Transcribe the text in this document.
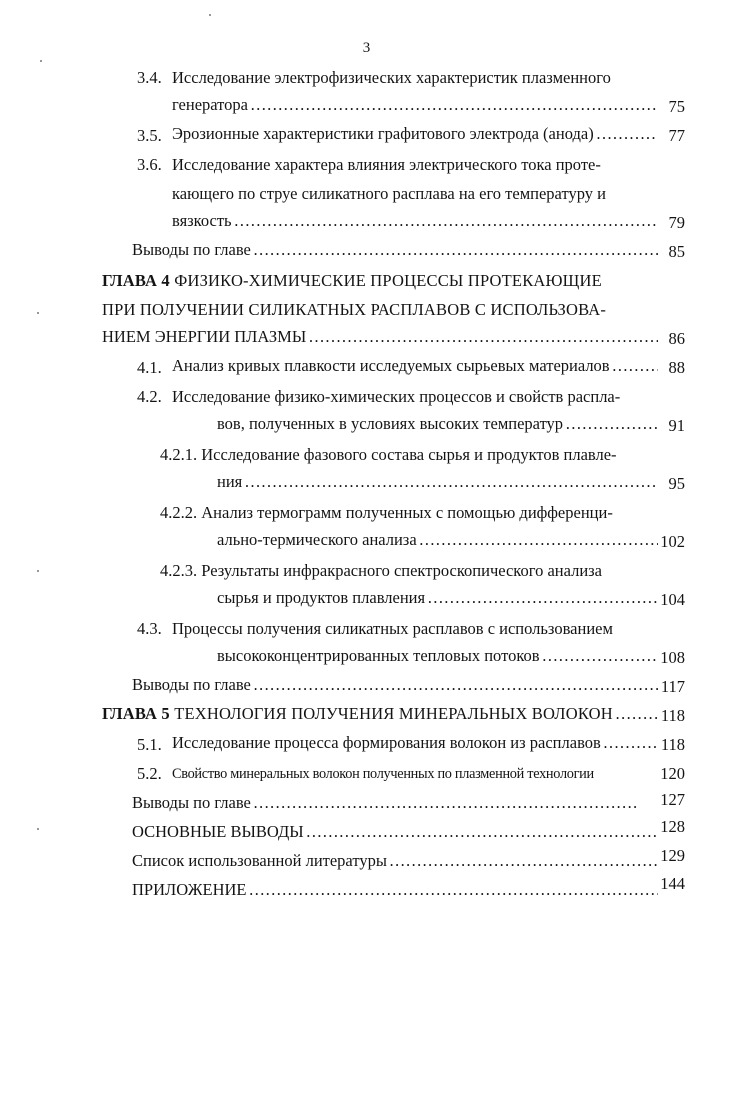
3
3.4. Исследование электрофизических характеристик плазменного
генератора ……………………………………………………………………………………………………………………………………………………………………………………	75
3.5. Эрозионные характеристики графитового электрода (анода) ……………………………………………………………………………………………………………………………………………………………………………………	77
3.6. Исследование характера влияния электрического тока проте-
кающего по струе силикатного расплава на его температуру и
вязкость ……………………………………………………………………………………………………………………………………………………………………………………	79
Выводы по главе ……………………………………………………………………………………………………………………………………………………………………………………	85
ГЛАВА 4 ФИЗИКО-ХИМИЧЕСКИЕ ПРОЦЕССЫ ПРОТЕКАЮЩИЕ
ПРИ ПОЛУЧЕНИИ СИЛИКАТНЫХ РАСПЛАВОВ С ИСПОЛЬЗОВА-
НИЕМ ЭНЕРГИИ ПЛАЗМЫ ……………………………………………………………………………………………………………………………………………………………………………………	86
4.1. Анализ кривых плавкости исследуемых сырьевых материалов ……………………………………………………………………………………………………………………………………………………………………………………	88
4.2. Исследование физико-химических процессов и свойств распла-
вов, полученных в условиях высоких температур ……………………………………………………………………………………………………………………………………………………………………………………	91
4.2.1. Исследование фазового состава сырья и продуктов плавле-
ния ……………………………………………………………………………………………………………………………………………………………………………………	95
4.2.2. Анализ термограмм полученных с помощью дифференци-
ально-термического анализа ……………………………………………………………………………………………………………………………………………………………………………………	102
4.2.3. Результаты инфракрасного спектроскопического анализа
сырья и продуктов плавления ……………………………………………………………………………………………………………………………………………………………………………………	104
4.3. Процессы получения силикатных расплавов с использованием
высококонцентрированных тепловых потоков ……………………………………………………………………………………………………………………………………………………………………………………	108
Выводы по главе ……………………………………………………………………………………………………………………………………………………………………………………	117
ГЛАВА 5 ТЕХНОЛОГИЯ ПОЛУЧЕНИЯ МИНЕРАЛЬНЫХ ВОЛОКОН ……………………………………………………………………………………………………………………………………………………………………………………	118
5.1. Исследование процесса формирования волокон из расплавов ……………………………………………………………………………………………………………………………………………………………………………………	118
5.2. Свойство минеральных волокон полученных по плазменной технологии	120
Выводы по главе ……………………………………………………………………………………………………………………………………………………………………………………	127
ОСНОВНЫЕ ВЫВОДЫ ……………………………………………………………………………………………………………………………………………………………………………………	128
Список использованной литературы ……………………………………………………………………………………………………………………………………………………………………………………	129
ПРИЛОЖЕНИЕ ……………………………………………………………………………………………………………………………………………………………………………………	144
